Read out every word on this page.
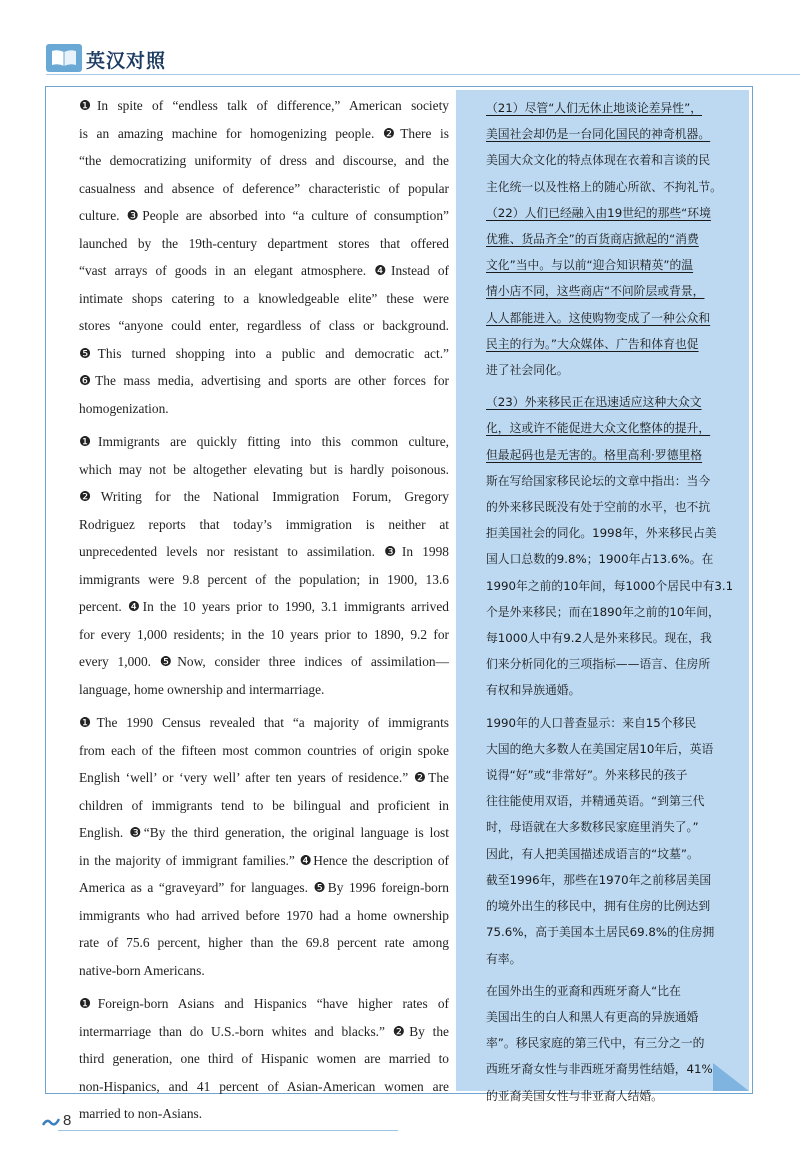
英汉对照

❶In spite of “endless talk of difference,” American society
is an amazing machine for homogenizing people. ❷There is
“the democratizing uniformity of dress and discourse, and the
casualness and absence of deference” characteristic of popular
culture. ❸People are absorbed into “a culture of consumption”
launched by the 19th-century department stores that offered
“vast arrays of goods in an elegant atmosphere. ❹Instead of
intimate shops catering to a knowledgeable elite” these were
stores “anyone could enter, regardless of class or background.
❺This turned shopping into a public and democratic act.”
❻The mass media, advertising and sports are other forces for
homogenization.

❶Immigrants are quickly fitting into this common culture,
which may not be altogether elevating but is hardly poisonous.
❷Writing for the National Immigration Forum, Gregory
Rodriguez reports that today’s immigration is neither at
unprecedented levels nor resistant to assimilation. ❸In 1998
immigrants were 9.8 percent of the population; in 1900, 13.6
percent. ❹In the 10 years prior to 1990, 3.1 immigrants arrived
for every 1,000 residents; in the 10 years prior to 1890, 9.2 for
every 1,000. ❺Now, consider three indices of assimilation—
language, home ownership and intermarriage.

❶The 1990 Census revealed that “a majority of immigrants
from each of the fifteen most common countries of origin spoke
English ‘well’ or ‘very well’ after ten years of residence.” ❷The
children of immigrants tend to be bilingual and proficient in
English. ❸“By the third generation, the original language is lost
in the majority of immigrant families.” ❹Hence the description of
America as a “graveyard” for languages. ❺By 1996 foreign-born
immigrants who had arrived before 1970 had a home ownership
rate of 75.6 percent, higher than the 69.8 percent rate among
native-born Americans.

❶Foreign-born Asians and Hispanics “have higher rates of
intermarriage than do U.S.-born whites and blacks.” ❷By the
third generation, one third of Hispanic women are married to
non-Hispanics, and 41 percent of Asian-American women are
married to non-Asians.

（21）尽管“人们无休止地谈论差异性”，
美国社会却仍是一台同化国民的神奇机器。
美国大众文化的特点体现在衣着和言谈的民
主化统一以及性格上的随心所欲、不拘礼节。
（22）人们已经融入由19世纪的那些“环境
优雅、货品齐全”的百货商店掀起的“消费
文化”当中。与以前“迎合知识精英”的温
情小店不同，这些商店“不问阶层或背景，
人人都能进入。这使购物变成了一种公众和
民主的行为。”大众媒体、广告和体育也促
进了社会同化。

（23）外来移民正在迅速适应这种大众文
化，这或许不能促进大众文化整体的提升，
但最起码也是无害的。格里高利·罗德里格
斯在写给国家移民论坛的文章中指出：当今
的外来移民既没有处于空前的水平，也不抗
拒美国社会的同化。1998年，外来移民占美
国人口总数的9.8%；1900年占13.6%。在
1990年之前的10年间，每1000个居民中有3.1
个是外来移民；而在1890年之前的10年间，
每1000人中有9.2人是外来移民。现在，我
们来分析同化的三项指标——语言、住房所
有权和异族通婚。

1990年的人口普查显示：来自15个移民
大国的绝大多数人在美国定居10年后，英语
说得“好”或“非常好”。外来移民的孩子
往往能使用双语，并精通英语。“到第三代
时，母语就在大多数移民家庭里消失了。”
因此，有人把美国描述成语言的“坟墓”。
截至1996年，那些在1970年之前移居美国
的境外出生的移民中，拥有住房的比例达到
75.6%，高于美国本土居民69.8%的住房拥
有率。

在国外出生的亚裔和西班牙裔人“比在
美国出生的白人和黑人有更高的异族通婚
率”。移民家庭的第三代中，有三分之一的
西班牙裔女性与非西班牙裔男性结婚，41%
的亚裔美国女性与非亚裔人结婚。

8
